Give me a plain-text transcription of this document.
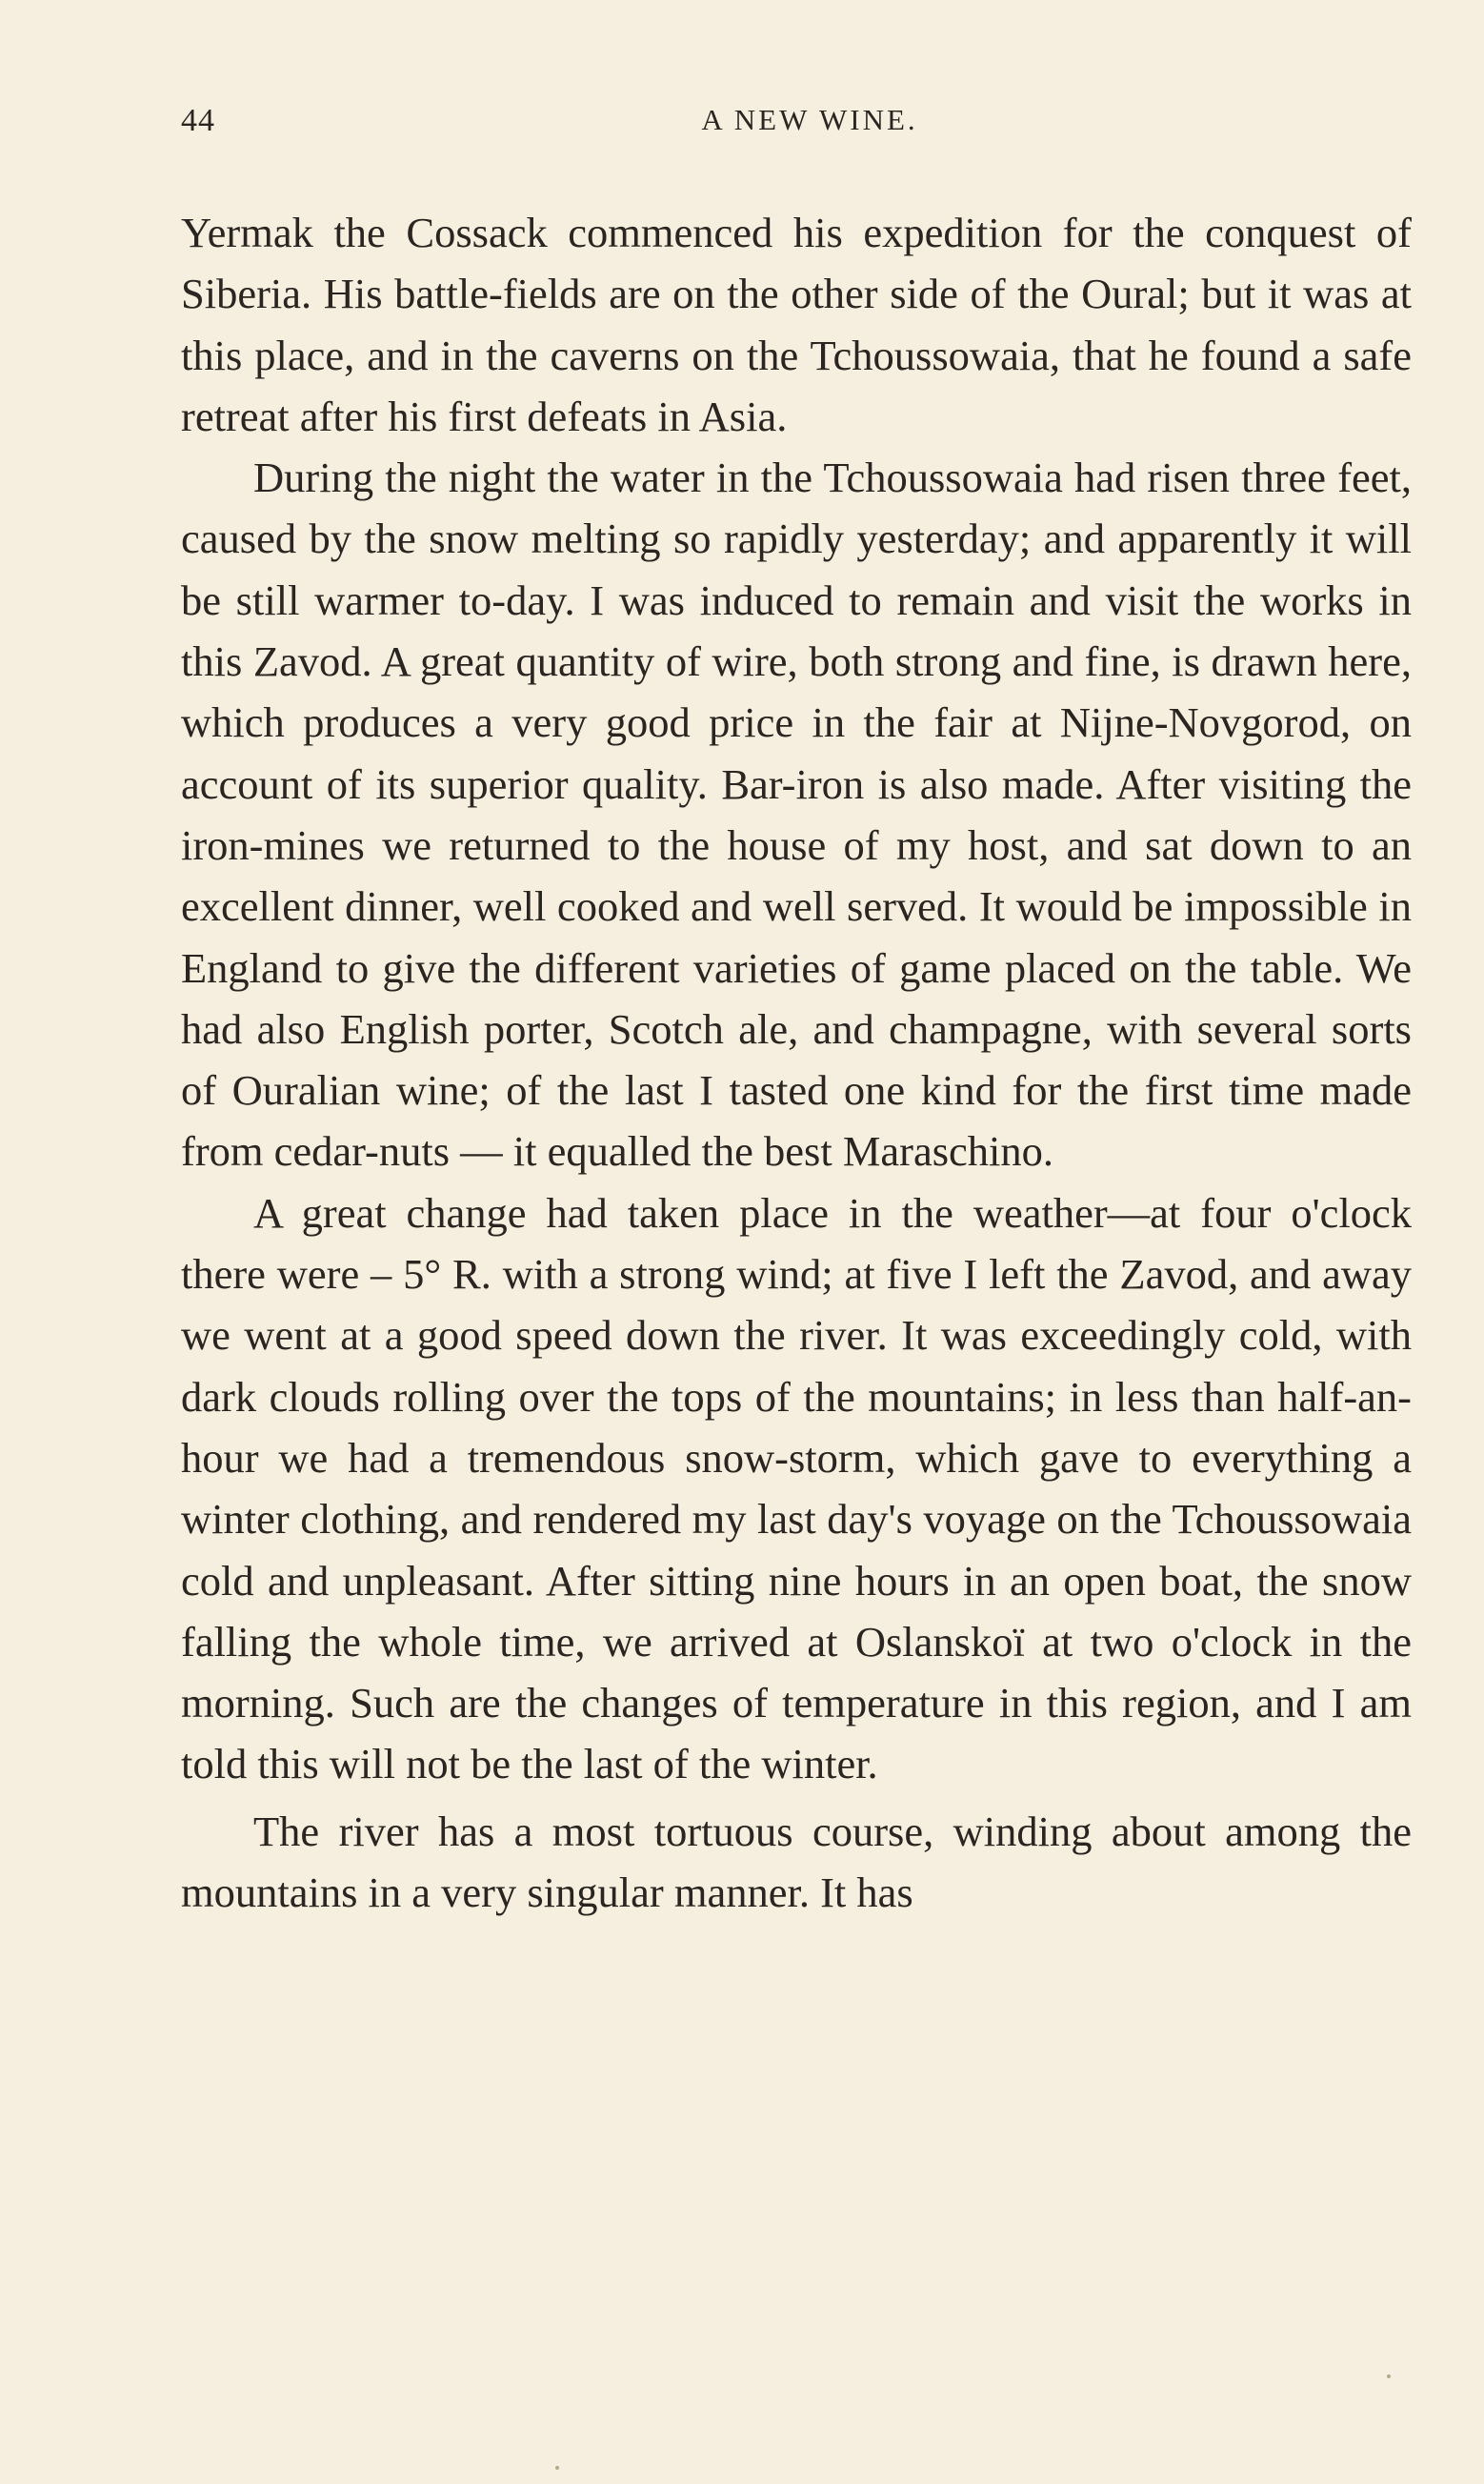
44	A NEW WINE.

Yermak the Cossack commenced his expedition for the conquest of Siberia. His battle-fields are on the other side of the Oural; but it was at this place, and in the caverns on the Tchoussowaia, that he found a safe retreat after his first defeats in Asia.

During the night the water in the Tchoussowaia had risen three feet, caused by the snow melting so rapidly yesterday; and apparently it will be still warmer to-day. I was induced to remain and visit the works in this Zavod. A great quantity of wire, both strong and fine, is drawn here, which produces a very good price in the fair at Nijne-Novgorod, on account of its superior quality. Bar-iron is also made. After visiting the iron-mines we returned to the house of my host, and sat down to an excellent dinner, well cooked and well served. It would be impossible in England to give the different varieties of game placed on the table. We had also English porter, Scotch ale, and champagne, with several sorts of Ouralian wine; of the last I tasted one kind for the first time made from cedar-nuts — it equalled the best Maraschino.

A great change had taken place in the weather—at four o'clock there were – 5° R. with a strong wind; at five I left the Zavod, and away we went at a good speed down the river. It was exceedingly cold, with dark clouds rolling over the tops of the mountains; in less than half-an-hour we had a tremendous snow-storm, which gave to everything a winter clothing, and rendered my last day's voyage on the Tchoussowaia cold and unpleasant. After sitting nine hours in an open boat, the snow falling the whole time, we arrived at Oslanskoï at two o'clock in the morning. Such are the changes of temperature in this region, and I am told this will not be the last of the winter.

The river has a most tortuous course, winding about among the mountains in a very singular manner. It has
